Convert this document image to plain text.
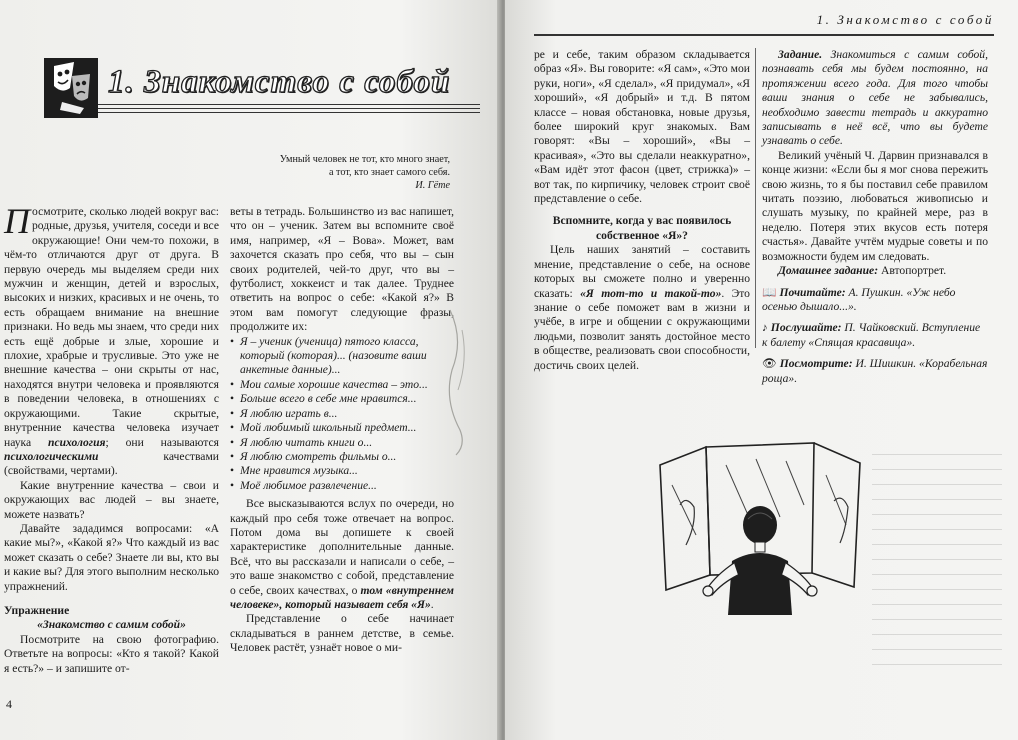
1. Знакомство с собой
Умный человек не тот, кто много знает,
а тот, кто знает самого себя.
И. Гёте

Посмотрите, сколько людей вокруг вас: родные, друзья, учителя, соседи и все окружающие! Они чем-то похожи, в чём-то отличаются друг от друга. В первую очередь мы выделяем среди них мужчин и женщин, детей и взрослых, высоких и низких, красивых и не очень, то есть обращаем внимание на внешние признаки. Но ведь мы знаем, что среди них есть ещё добрые и злые, хорошие и плохие, храбрые и трусливые. Это уже не внешние качества – они скрыты от нас, находятся внутри человека и проявляются в поведении человека, в отношениях с окружающими. Такие скрытые, внутренние качества человека изучает наука психология; они называются психологическими качествами (свойствами, чертами).

Какие внутренние качества – свои и окружающих вас людей – вы знаете, можете назвать?

Давайте зададимся вопросами: «А какие мы?», «Какой я?» Что каждый из вас может сказать о себе? Знаете ли вы, кто вы и какие вы? Для этого выполним несколько упражнений.

Упражнение

«Знакомство с самим собой»

Посмотрите на свою фотографию. Ответьте на вопросы: «Кто я такой? Какой я есть?» – и запишите от-

веты в тетрадь. Большинство из вас напишет, что он – ученик. Затем вы вспомните своё имя, например, «Я – Вова». Может, вам захочется сказать про себя, что вы – сын своих родителей, чей-то друг, что вы – футболист, хоккеист и так далее. Труднее ответить на вопрос о себе: «Какой я?» В этом вам помогут следующие фразы, продолжите их:

• Я – ученик (ученица) пятого класса, который (которая)... (назовите ваши анкетные данные)...
• Мои самые хорошие качества – это...
• Больше всего в себе мне нравится...
• Я люблю играть в...
• Мой любимый школьный предмет...
• Я люблю читать книги о...
• Я люблю смотреть фильмы о...
• Мне нравится музыка...
• Моё любимое развлечение...

Все высказываются вслух по очереди, но каждый про себя тоже отвечает на вопрос. Потом дома вы допишете к своей характеристике дополнительные данные. Всё, что вы рассказали и написали о себе, – это ваше знакомство с собой, представление о себе, своих качествах, о том «внутреннем человеке», который называет себя «Я».

Представление о себе начинает складываться в раннем детстве, в семье. Человек растёт, узнаёт новое о ми-

4
1. Знакомство с собой

ре и себе, таким образом складывается образ «Я». Вы говорите: «Я сам», «Это мои руки, ноги», «Я сделал», «Я придумал», «Я хороший», «Я добрый» и т.д. В пятом классе – новая обстановка, новые друзья, более широкий круг знакомых. Вам говорят: «Вы – хороший», «Вы – красивая», «Это вы сделали неаккуратно», «Вам идёт этот фасон (цвет, стрижка)» – вот так, по кирпичику, человек строит своё представление о себе.

Вспомните, когда у вас появилось собственное «Я»?

Цель наших занятий – составить мнение, представление о себе, на основе которых вы сможете полно и уверенно сказать: «Я тот-то и такой-то». Это знание о себе поможет вам в жизни и учёбе, в игре и общении с окружающими людьми, позволит занять достойное место в обществе, реализовать свои способности, достичь своих целей.

Задание. Знакомиться с самим собой, познавать себя мы будем постоянно, на протяжении всего года. Для того чтобы ваши знания о себе не забывались, необходимо завести тетрадь и аккуратно записывать в неё всё, что вы будете узнавать о себе.

Великий учёный Ч. Дарвин признавался в конце жизни: «Если бы я мог снова пережить свою жизнь, то я бы поставил себе правилом читать поэзию, любоваться живописью и слушать музыку, по крайней мере, раз в неделю. Потеря этих вкусов есть потеря счастья». Давайте учтём мудрые советы и по возможности будем им следовать.

Домашнее задание: Автопортрет.

📖 Почитайте: А. Пушкин. «Уж небо осенью дышало...».

♪ Послушайте: П. Чайковский. Вступление к балету «Спящая красавица».

👁 Посмотрите: И. Шишкин. «Корабельная роща».
